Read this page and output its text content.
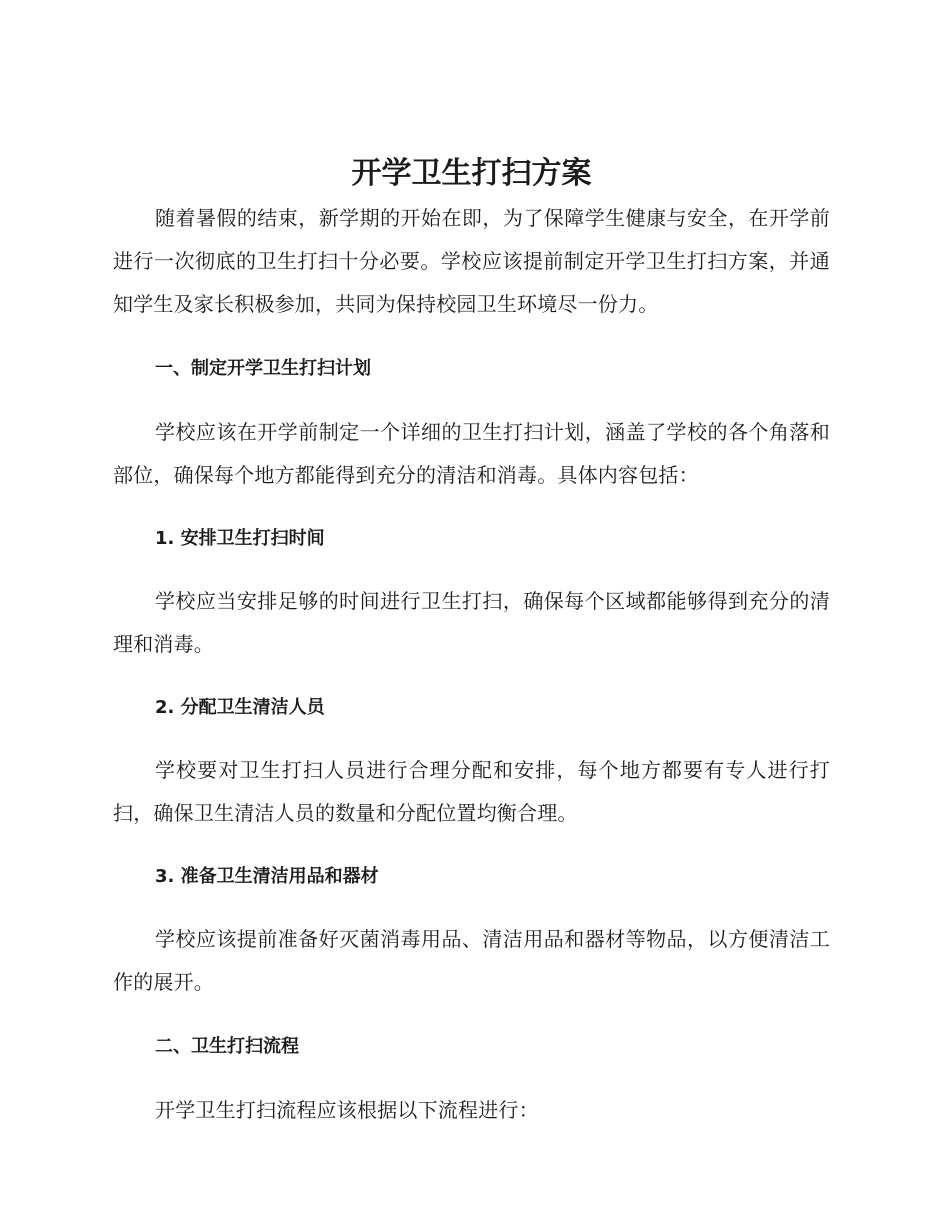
开学卫生打扫方案

随着暑假的结束，新学期的开始在即，为了保障学生健康与安全，在开学前进行一次彻底的卫生打扫十分必要。学校应该提前制定开学卫生打扫方案，并通知学生及家长积极参加，共同为保持校园卫生环境尽一份力。

一、制定开学卫生打扫计划

学校应该在开学前制定一个详细的卫生打扫计划，涵盖了学校的各个角落和部位，确保每个地方都能得到充分的清洁和消毒。具体内容包括：

1. 安排卫生打扫时间

学校应当安排足够的时间进行卫生打扫，确保每个区域都能够得到充分的清理和消毒。

2. 分配卫生清洁人员

学校要对卫生打扫人员进行合理分配和安排，每个地方都要有专人进行打扫，确保卫生清洁人员的数量和分配位置均衡合理。

3. 准备卫生清洁用品和器材

学校应该提前准备好灭菌消毒用品、清洁用品和器材等物品，以方便清洁工作的展开。

二、卫生打扫流程

开学卫生打扫流程应该根据以下流程进行：
